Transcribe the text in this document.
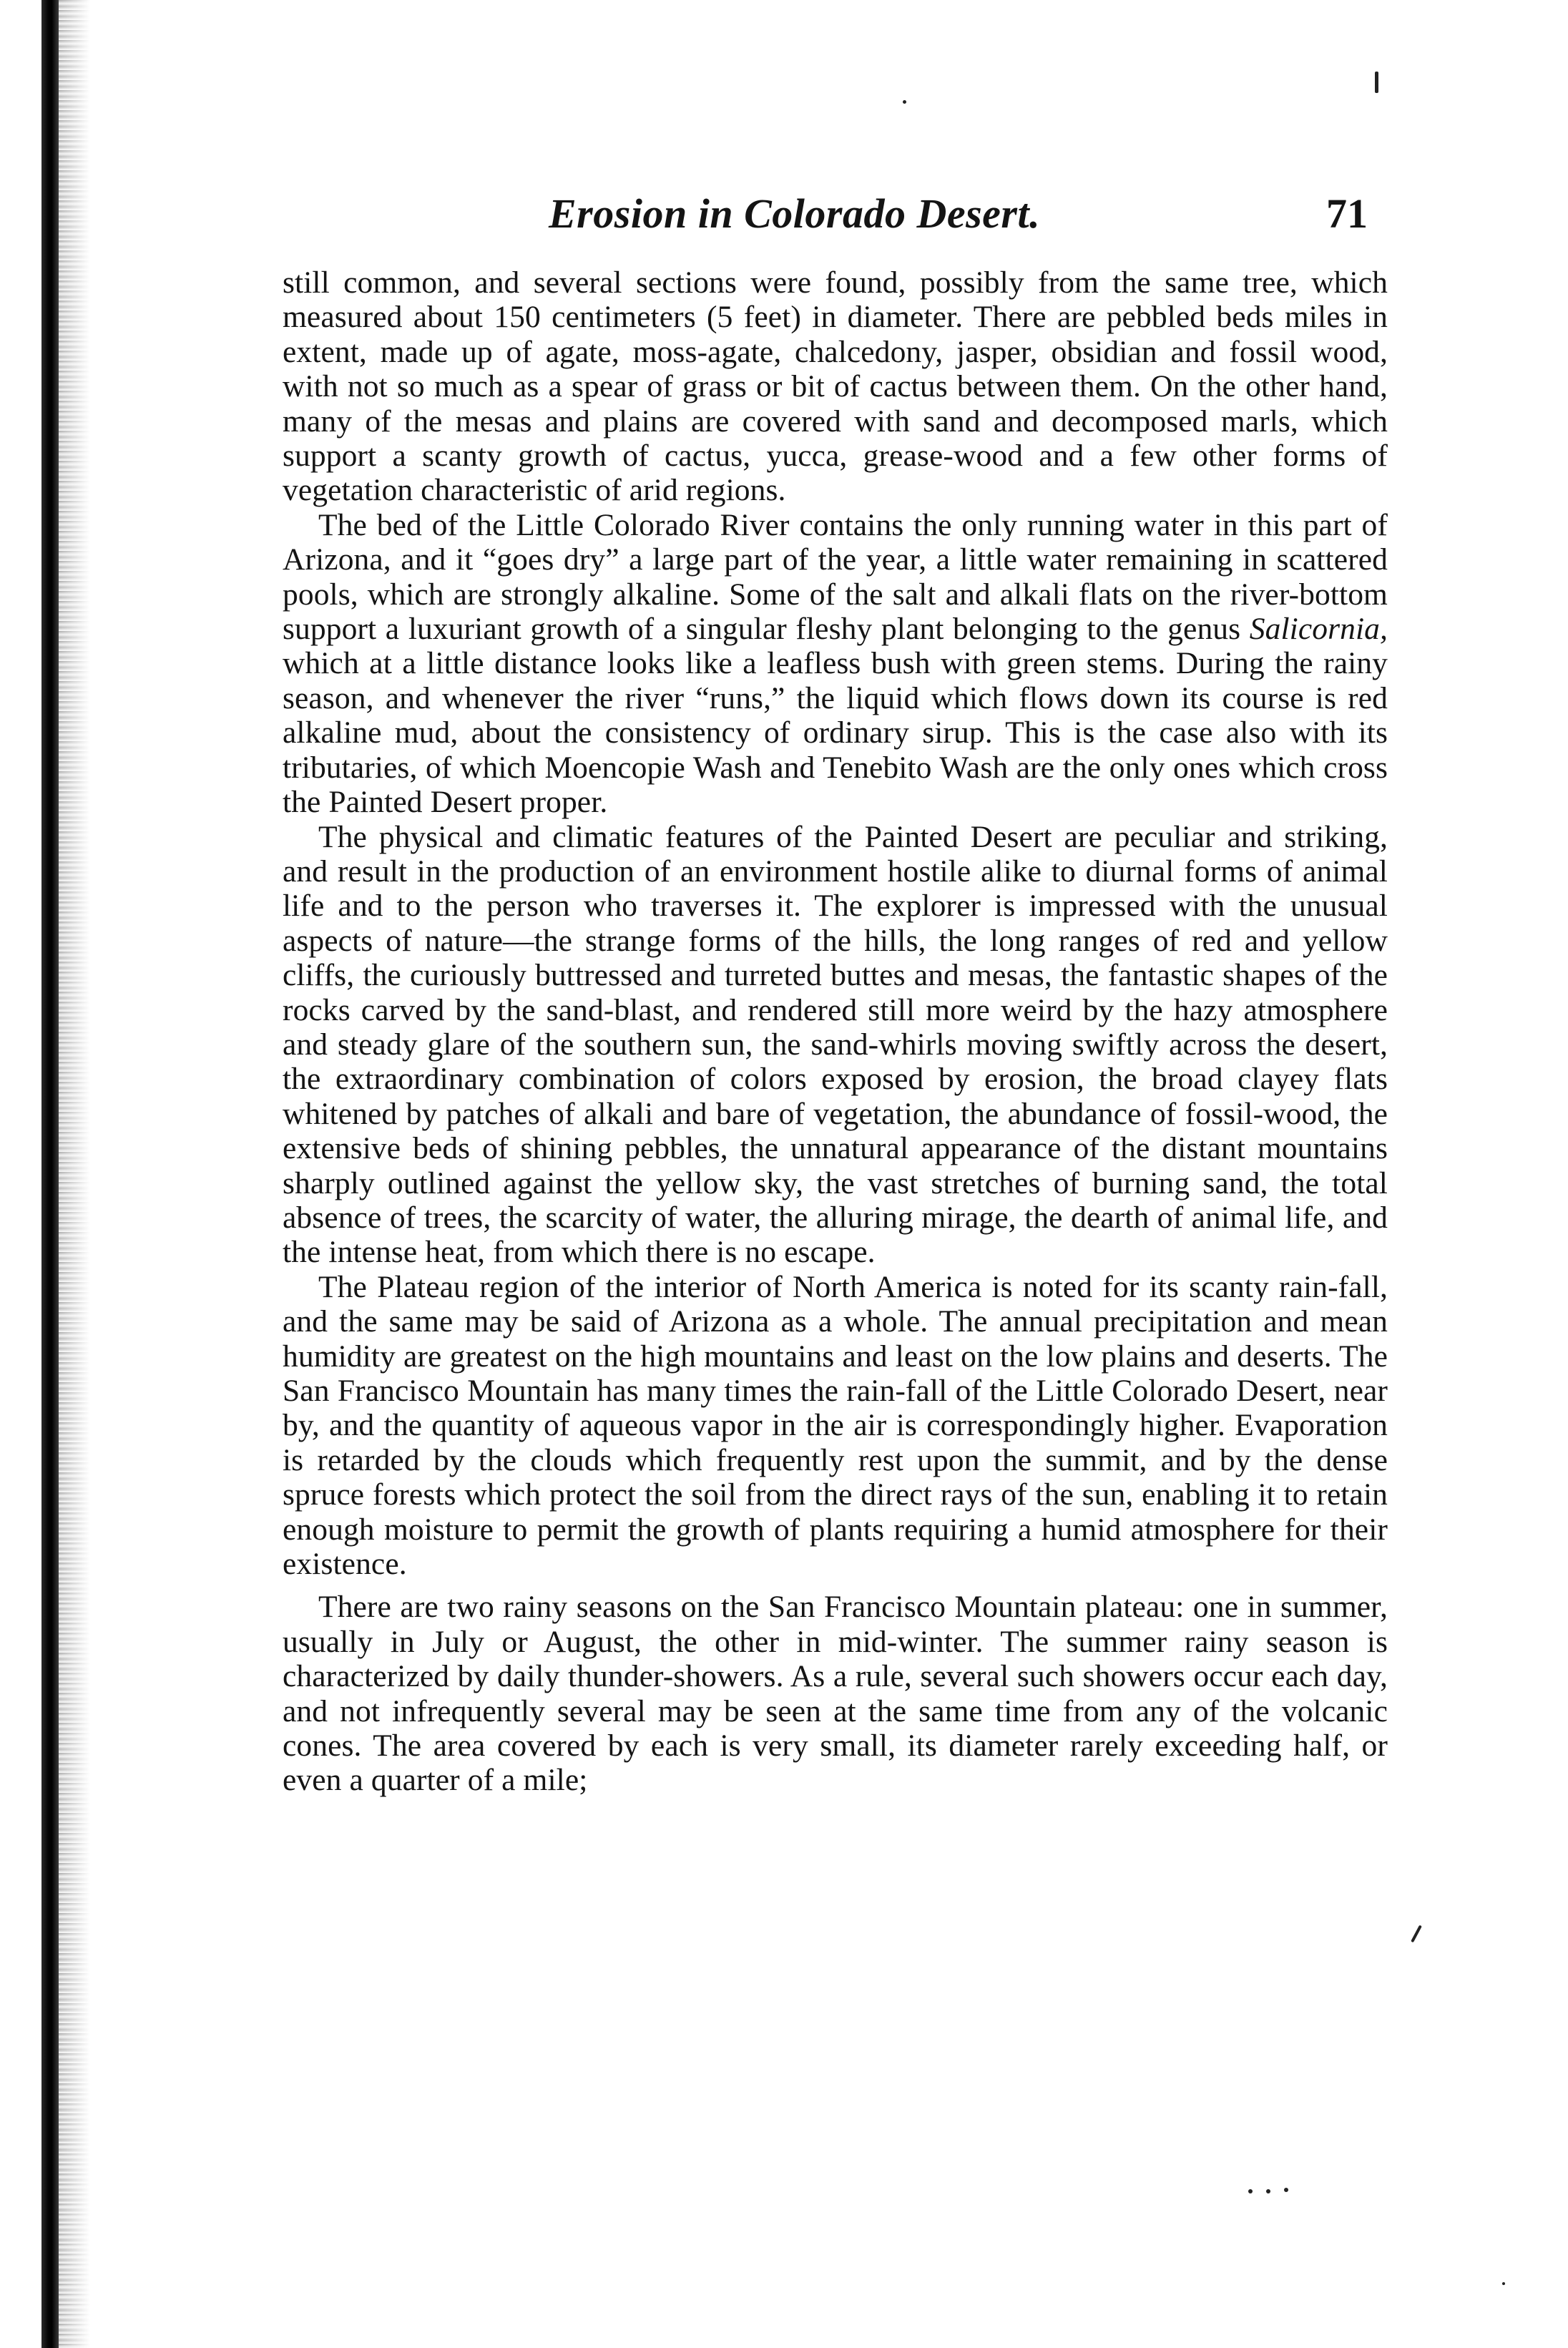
Erosion in Colorado Desert.	71

still common, and several sections were found, possibly from the same tree, which measured about 150 centimeters (5 feet) in diameter. There are pebbled beds miles in extent, made up of agate, moss-agate, chalcedony, jasper, obsidian and fossil wood, with not so much as a spear of grass or bit of cactus between them. On the other hand, many of the mesas and plains are covered with sand and decomposed marls, which support a scanty growth of cactus, yucca, grease-wood and a few other forms of vegetation characteristic of arid regions.

The bed of the Little Colorado River contains the only running water in this part of Arizona, and it “goes dry” a large part of the year, a little water remaining in scattered pools, which are strongly alkaline. Some of the salt and alkali flats on the river-bottom support a luxuriant growth of a singular fleshy plant belonging to the genus Salicornia, which at a little distance looks like a leafless bush with green stems. During the rainy season, and whenever the river “runs,” the liquid which flows down its course is red alkaline mud, about the consistency of ordinary sirup. This is the case also with its tributaries, of which Moencopie Wash and Tenebito Wash are the only ones which cross the Painted Desert proper.

The physical and climatic features of the Painted Desert are peculiar and striking, and result in the production of an environment hostile alike to diurnal forms of animal life and to the person who traverses it. The explorer is impressed with the unusual aspects of nature—the strange forms of the hills, the long ranges of red and yellow cliffs, the curiously buttressed and turreted buttes and mesas, the fantastic shapes of the rocks carved by the sand-blast, and rendered still more weird by the hazy atmosphere and steady glare of the southern sun, the sand-whirls moving swiftly across the desert, the extraordinary combination of colors exposed by erosion, the broad clayey flats whitened by patches of alkali and bare of vegetation, the abundance of fossil-wood, the extensive beds of shining pebbles, the unnatural appearance of the distant mountains sharply outlined against the yellow sky, the vast stretches of burning sand, the total absence of trees, the scarcity of water, the alluring mirage, the dearth of animal life, and the intense heat, from which there is no escape.

The Plateau region of the interior of North America is noted for its scanty rain-fall, and the same may be said of Arizona as a whole. The annual precipitation and mean humidity are greatest on the high mountains and least on the low plains and deserts. The San Francisco Mountain has many times the rain-fall of the Little Colorado Desert, near by, and the quantity of aqueous vapor in the air is correspondingly higher. Evaporation is retarded by the clouds which frequently rest upon the summit, and by the dense spruce forests which protect the soil from the direct rays of the sun, enabling it to retain enough moisture to permit the growth of plants requiring a humid atmosphere for their existence.

There are two rainy seasons on the San Francisco Mountain plateau: one in summer, usually in July or August, the other in mid-winter. The summer rainy season is characterized by daily thunder-showers. As a rule, several such showers occur each day, and not infrequently several may be seen at the same time from any of the volcanic cones. The area covered by each is very small, its diameter rarely exceeding half, or even a quarter of a mile;
